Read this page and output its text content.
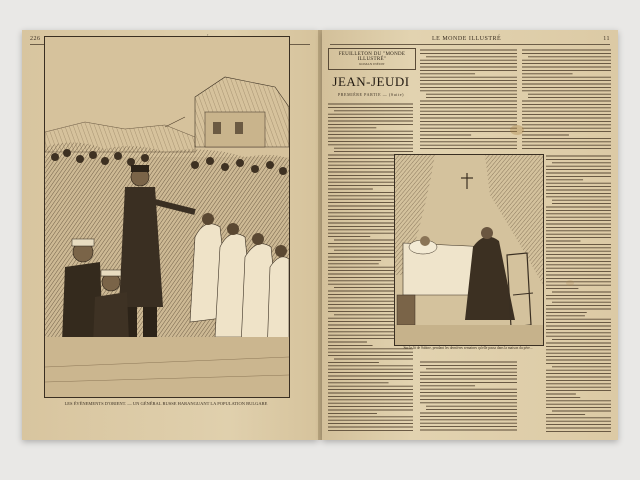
226
LES ÉVÈNEMENTS D'ORIENT. — UN GÉNÉRAL RUSSE HARANGUANT LA POPULATION BULGARE
LE MONDE ILLUSTRÉ	11
FEUILLETON DU "MONDE ILLUSTRÉ"
ROMAN INÉDIT
JEAN-JEUDI
PREMIÈRE PARTIE — (Suite)
Sur le lit de Sabine, pendant les dernières semaines qu'elle passa dans la maison du père...
